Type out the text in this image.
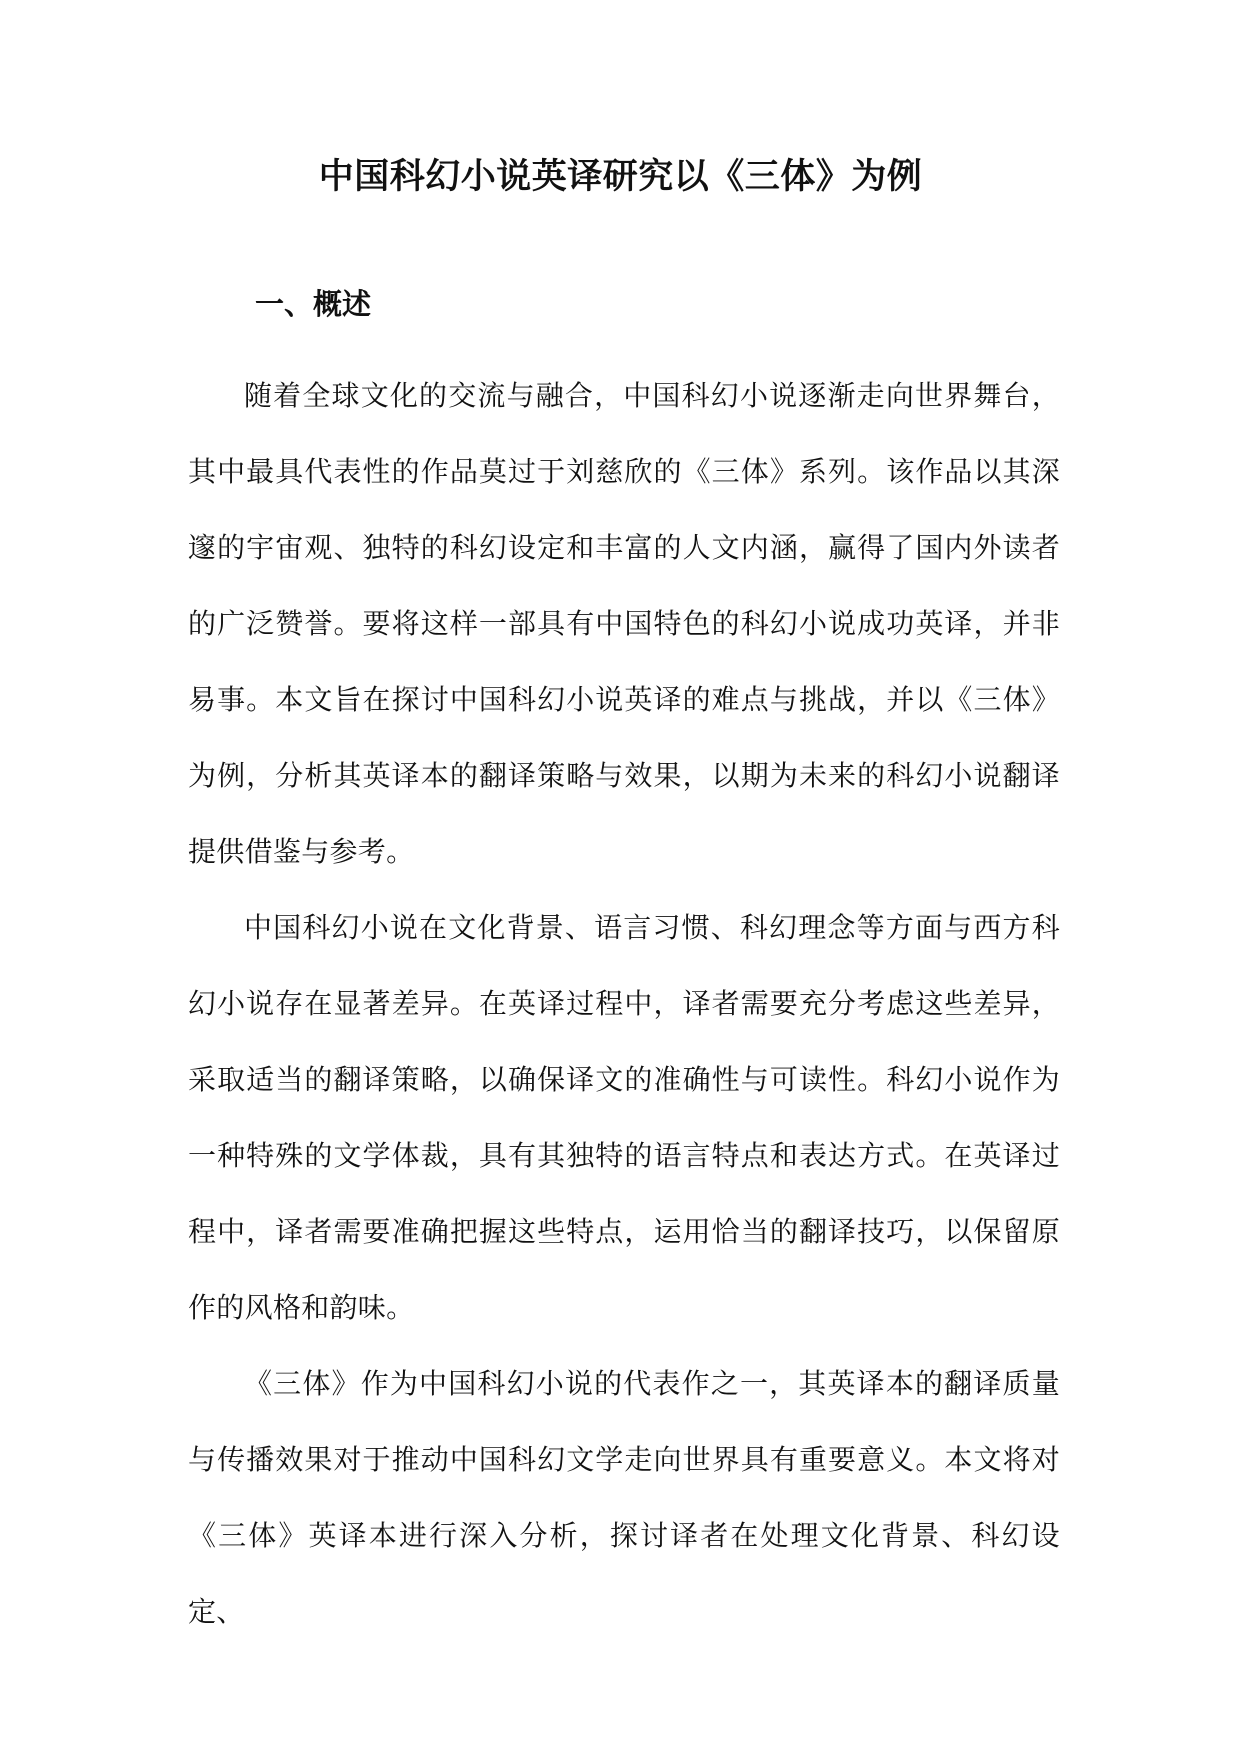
中国科幻小说英译研究以《三体》为例
一、概述

随着全球文化的交流与融合，中国科幻小说逐渐走向世界舞台，其中最具代表性的作品莫过于刘慈欣的《三体》系列。该作品以其深邃的宇宙观、独特的科幻设定和丰富的人文内涵，赢得了国内外读者的广泛赞誉。要将这样一部具有中国特色的科幻小说成功英译，并非易事。本文旨在探讨中国科幻小说英译的难点与挑战，并以《三体》为例，分析其英译本的翻译策略与效果，以期为未来的科幻小说翻译提供借鉴与参考。

中国科幻小说在文化背景、语言习惯、科幻理念等方面与西方科幻小说存在显著差异。在英译过程中，译者需要充分考虑这些差异，采取适当的翻译策略，以确保译文的准确性与可读性。科幻小说作为一种特殊的文学体裁，具有其独特的语言特点和表达方式。在英译过程中，译者需要准确把握这些特点，运用恰当的翻译技巧，以保留原作的风格和韵味。

《三体》作为中国科幻小说的代表作之一，其英译本的翻译质量与传播效果对于推动中国科幻文学走向世界具有重要意义。本文将对《三体》英译本进行深入分析，探讨译者在处理文化背景、科幻设定、
